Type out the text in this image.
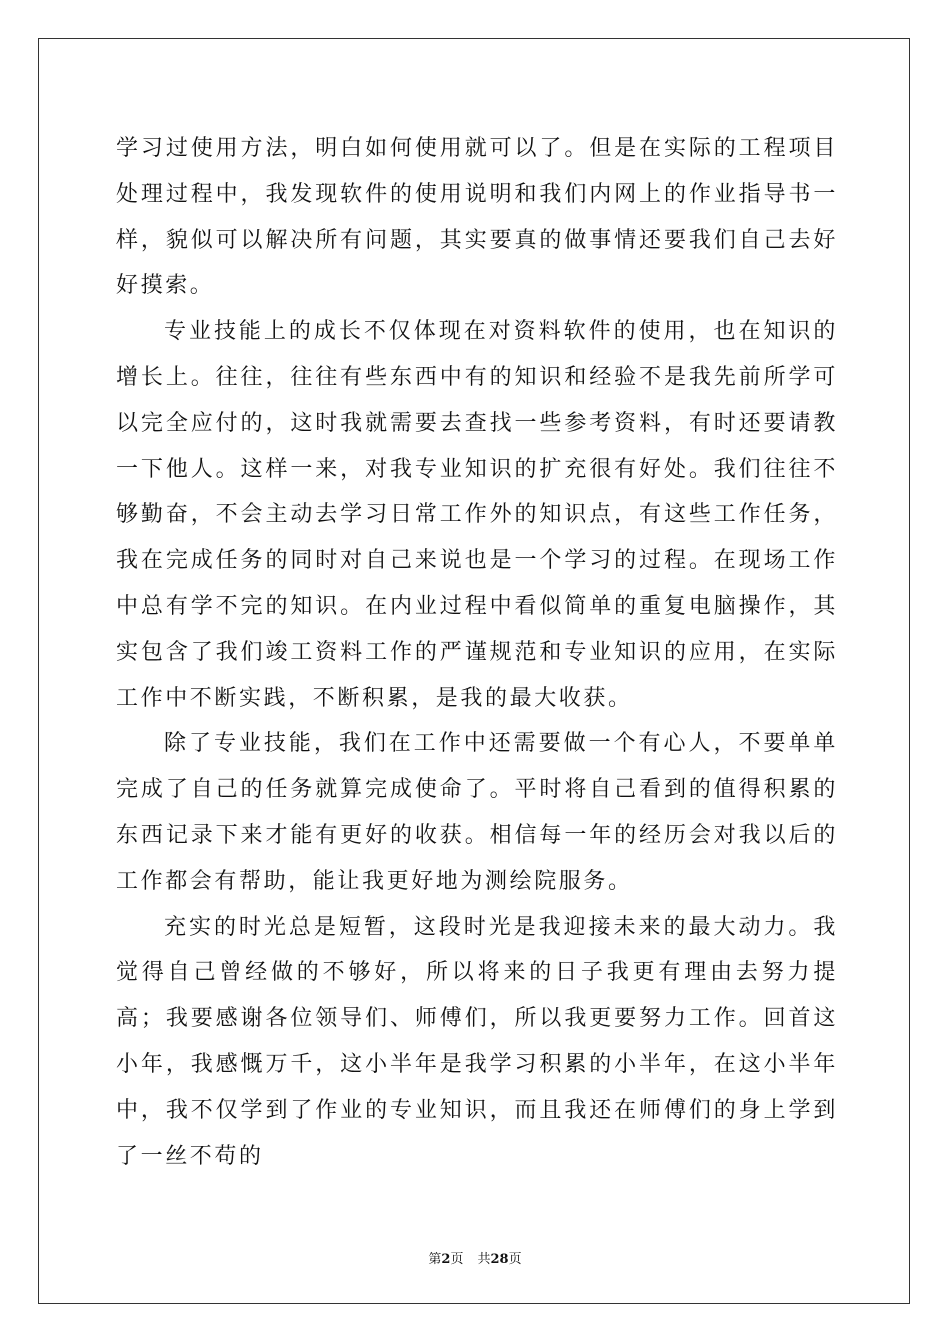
学习过使用方法，明白如何使用就可以了。但是在实际的工程项目处理过程中，我发现软件的使用说明和我们内网上的作业指导书一样，貌似可以解决所有问题，其实要真的做事情还要我们自己去好好摸索。

专业技能上的成长不仅体现在对资料软件的使用，也在知识的增长上。往往，往往有些东西中有的知识和经验不是我先前所学可以完全应付的，这时我就需要去查找一些参考资料，有时还要请教一下他人。这样一来，对我专业知识的扩充很有好处。我们往往不够勤奋，不会主动去学习日常工作外的知识点，有这些工作任务，我在完成任务的同时对自己来说也是一个学习的过程。在现场工作中总有学不完的知识。在内业过程中看似简单的重复电脑操作，其实包含了我们竣工资料工作的严谨规范和专业知识的应用，在实际工作中不断实践，不断积累，是我的最大收获。

除了专业技能，我们在工作中还需要做一个有心人，不要单单完成了自己的任务就算完成使命了。平时将自己看到的值得积累的东西记录下来才能有更好的收获。相信每一年的经历会对我以后的工作都会有帮助，能让我更好地为测绘院服务。

充实的时光总是短暂，这段时光是我迎接未来的最大动力。我觉得自己曾经做的不够好，所以将来的日子我更有理由去努力提高；我要感谢各位领导们、师傅们，所以我更要努力工作。回首这小年，我感慨万千，这小半年是我学习积累的小半年，在这小半年中，我不仅学到了作业的专业知识，而且我还在师傅们的身上学到了一丝不苟的

第2页 共28页
